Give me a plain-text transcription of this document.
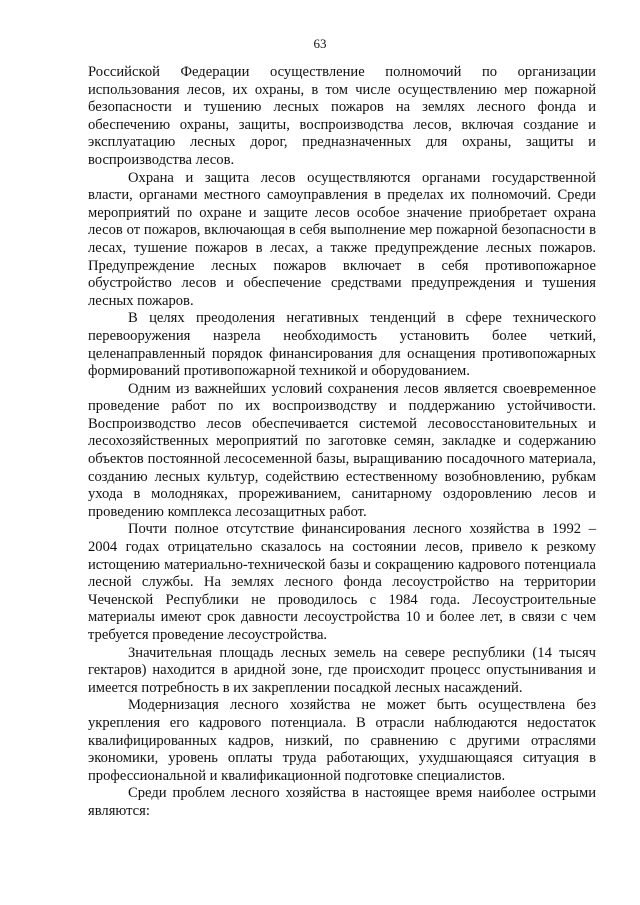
63

Российской Федерации осуществление полномочий по организации использования лесов, их охраны, в том числе осуществлению мер пожарной безопасности и тушению лесных пожаров на землях лесного фонда и обеспечению охраны, защиты, воспроизводства лесов, включая создание и эксплуатацию лесных дорог, предназначенных для охраны, защиты и воспроизводства лесов.

Охрана и защита лесов осуществляются органами государственной власти, органами местного самоуправления в пределах их полномочий. Среди мероприятий по охране и защите лесов особое значение приобретает охрана лесов от пожаров, включающая в себя выполнение мер пожарной безопасности в лесах, тушение пожаров в лесах, а также предупреждение лесных пожаров. Предупреждение лесных пожаров включает в себя противопожарное обустройство лесов и обеспечение средствами предупреждения и тушения лесных пожаров.

В целях преодоления негативных тенденций в сфере технического перевооружения назрела необходимость установить более четкий, целенаправленный порядок финансирования для оснащения противопожарных формирований противопожарной техникой и оборудованием.

Одним из важнейших условий сохранения лесов является своевременное проведение работ по их воспроизводству и поддержанию устойчивости. Воспроизводство лесов обеспечивается системой лесовосстановительных и лесохозяйственных мероприятий по заготовке семян, закладке и содержанию объектов постоянной лесосеменной базы, выращиванию посадочного материала, созданию лесных культур, содействию естественному возобновлению, рубкам ухода в молодняках, прореживанием, санитарному оздоровлению лесов и проведению комплекса лесозащитных работ.

Почти полное отсутствие финансирования лесного хозяйства в 1992 – 2004 годах отрицательно сказалось на состоянии лесов, привело к резкому истощению материально-технической базы и сокращению кадрового потенциала лесной службы. На землях лесного фонда лесоустройство на территории Чеченской Республики не проводилось с 1984 года. Лесоустроительные материалы имеют срок давности лесоустройства 10 и более лет, в связи с чем требуется проведение лесоустройства.

Значительная площадь лесных земель на севере республики (14 тысяч гектаров) находится в аридной зоне, где происходит процесс опустынивания и имеется потребность в их закреплении посадкой лесных насаждений.

Модернизация лесного хозяйства не может быть осуществлена без укрепления его кадрового потенциала. В отрасли наблюдаются недостаток квалифицированных кадров, низкий, по сравнению с другими отраслями экономики, уровень оплаты труда работающих, ухудшающаяся ситуация в профессиональной и квалификационной подготовке специалистов.

Среди проблем лесного хозяйства в настоящее время наиболее острыми являются:
